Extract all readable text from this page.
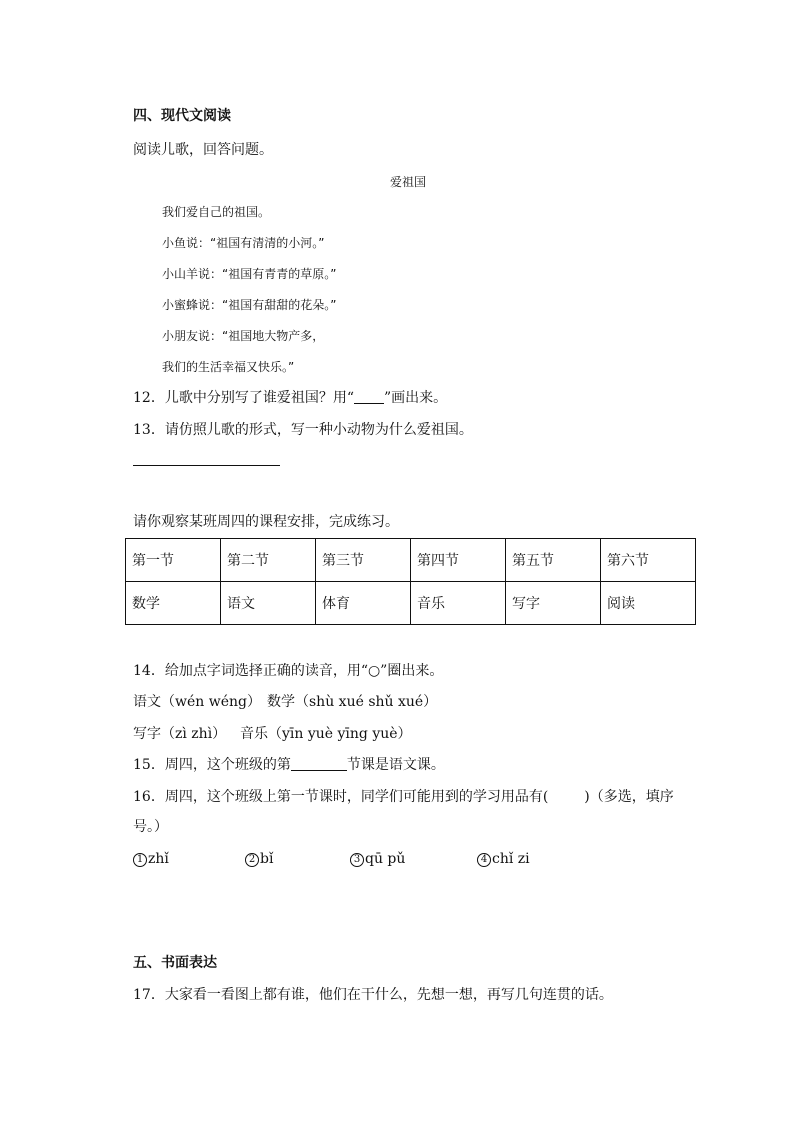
四、现代文阅读
阅读儿歌，回答问题。
爱祖国
我们爱自己的祖国。
小鱼说：“祖国有清清的小河。”
小山羊说：“祖国有青青的草原。”
小蜜蜂说：“祖国有甜甜的花朵。”
小朋友说：“祖国地大物产多，
我们的生活幸福又快乐。”
12．儿歌中分别写了谁爱祖国？用“ ”画出来。
13．请仿照儿歌的形式，写一种小动物为什么爱祖国。
请你观察某班周四的课程安排，完成练习。
第一节	第二节	第三节	第四节	第五节	第六节
数学	语文	体育	音乐	写字	阅读
14．给加点字词选择正确的读音，用“○”圈出来。
语文（wén wéng） 数学（shù xué shǔ xué）
写字（zì zhì） 音乐（yīn yuè yīng yuè）
15．周四，这个班级的第	节课是语文课。
16．周四，这个班级上第一节课时，同学们可能用到的学习用品有(	)（多选，填序
号。）
1 zhǐ	2 bǐ	3 qū pǔ	4 chǐ zi
五、书面表达
17．大家看一看图上都有谁，他们在干什么，先想一想，再写几句连贯的话。
